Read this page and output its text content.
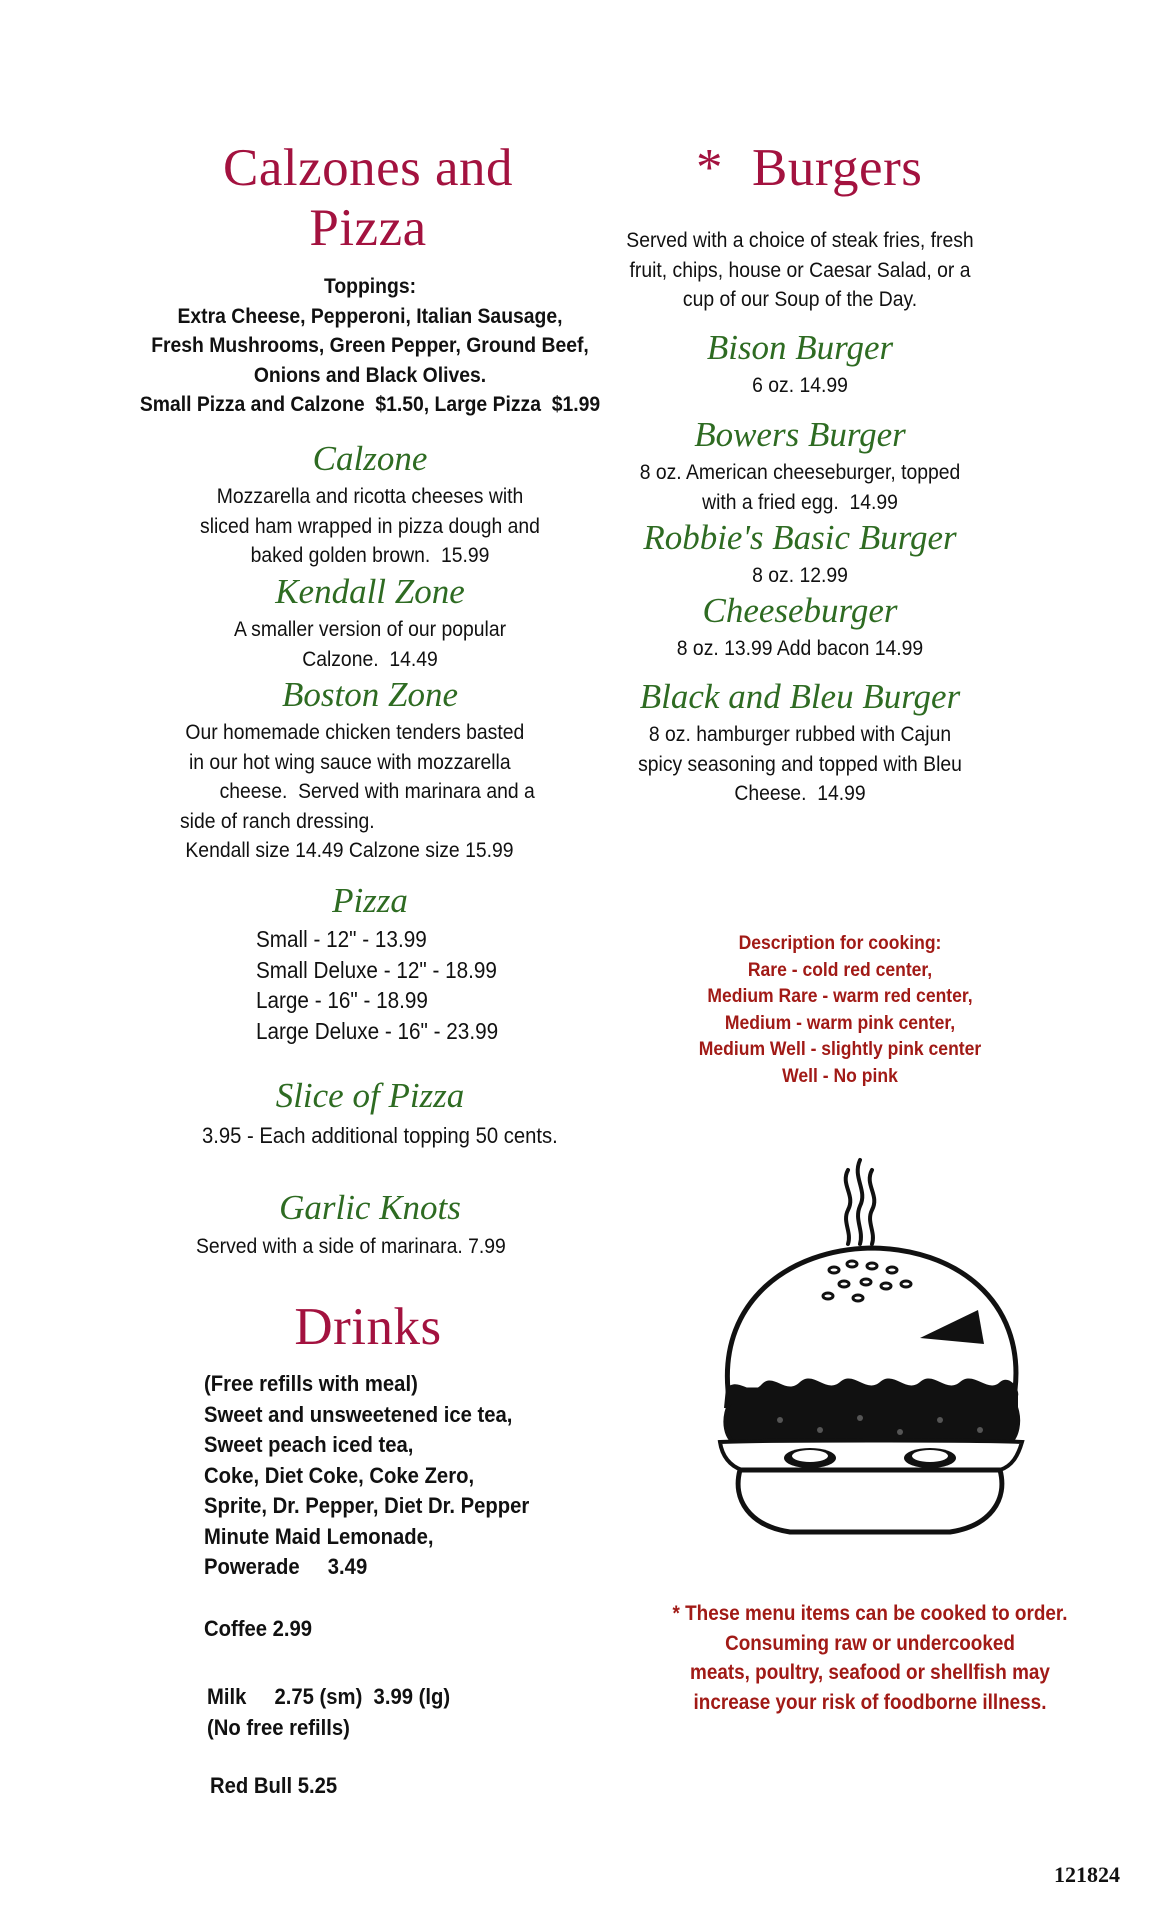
Calzones and
Pizza
Toppings:
Extra Cheese, Pepperoni, Italian Sausage,
Fresh Mushrooms, Green Pepper, Ground Beef,
Onions and Black Olives.
Small Pizza and Calzone  $1.50, Large Pizza  $1.99
Calzone
Mozzarella and ricotta cheeses with
sliced ham wrapped in pizza dough and
baked golden brown.  15.99
Kendall Zone
A smaller version of our popular
Calzone.  14.49
Boston Zone
Our homemade chicken tenders basted
in our hot wing sauce with mozzarella
cheese.  Served with marinara and a
side of ranch dressing.
Kendall size 14.49 Calzone size 15.99
Pizza
Small - 12" - 13.99
Small Deluxe - 12" - 18.99
Large - 16" - 18.99
Large Deluxe - 16" - 23.99
Slice of Pizza
3.95 - Each additional topping 50 cents.
Garlic Knots
Served with a side of marinara. 7.99
Drinks
(Free refills with meal)
Sweet and unsweetened ice tea,
Sweet peach iced tea,
Coke, Diet Coke, Coke Zero,
Sprite, Dr. Pepper, Diet Dr. Pepper
Minute Maid Lemonade,
Powerade     3.49
Coffee 2.99
Milk     2.75 (sm)  3.99 (lg)
(No free refills)
Red Bull 5.25
* Burgers
Served with a choice of steak fries, fresh
fruit, chips, house or Caesar Salad, or a
cup of our Soup of the Day.
Bison Burger
6 oz. 14.99
Bowers Burger
8 oz. American cheeseburger, topped
with a fried egg.  14.99
Robbie's Basic Burger
8 oz. 12.99
Cheeseburger
8 oz. 13.99 Add bacon 14.99
Black and Bleu Burger
8 oz. hamburger rubbed with Cajun
spicy seasoning and topped with Bleu
Cheese.  14.99
Description for cooking:
Rare - cold red center,
Medium Rare - warm red center,
Medium - warm pink center,
Medium Well - slightly pink center
Well - No pink
* These menu items can be cooked to order.
Consuming raw or undercooked
meats, poultry, seafood or shellfish may
increase your risk of foodborne illness.
121824
